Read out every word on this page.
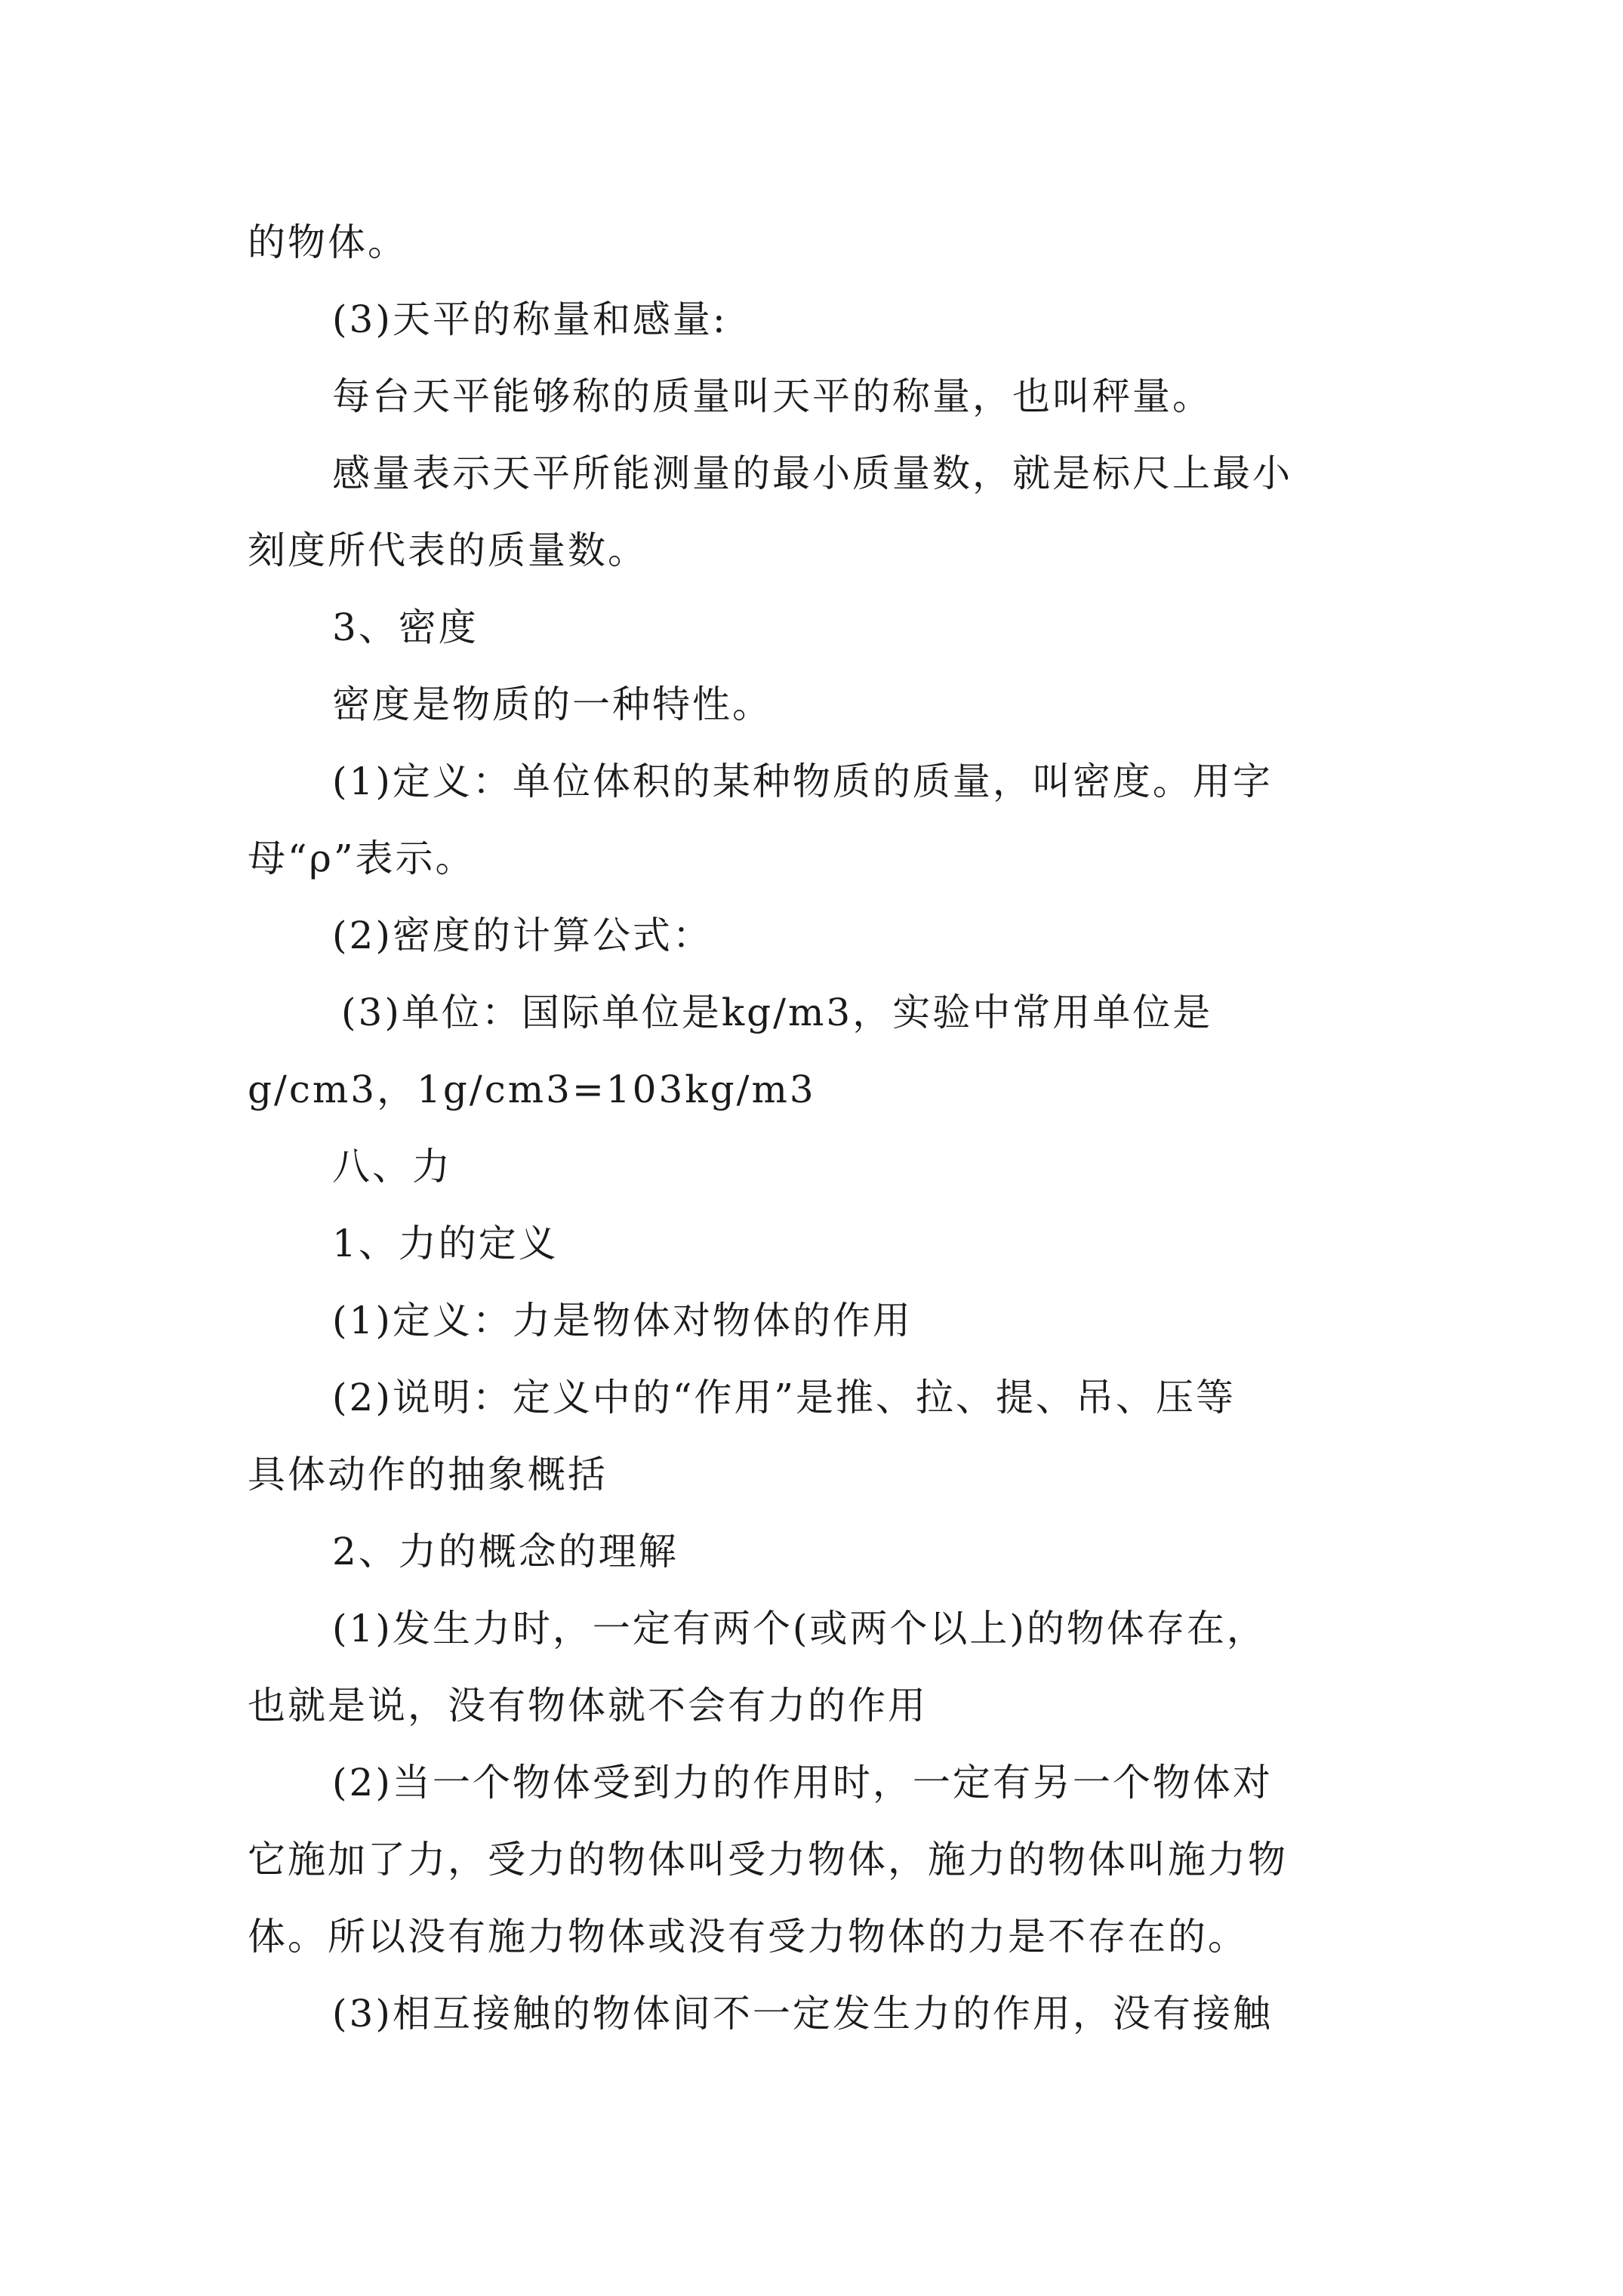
的物体。
(3)天平的称量和感量:
每台天平能够称的质量叫天平的称量，也叫秤量。
感量表示天平所能测量的最小质量数，就是标尺上最小
刻度所代表的质量数。
3、密度
密度是物质的一种特性。
(1)定义：单位体积的某种物质的质量，叫密度。用字
母“ρ”表示。
(2)密度的计算公式：
(3)单位：国际单位是kg/m3，实验中常用单位是
g/cm3，1g/cm3=103kg/m3
八、力
1、力的定义
(1)定义：力是物体对物体的作用
(2)说明：定义中的“作用”是推、拉、提、吊、压等
具体动作的抽象概括
2、力的概念的理解
(1)发生力时，一定有两个(或两个以上)的物体存在，
也就是说，没有物体就不会有力的作用
(2)当一个物体受到力的作用时，一定有另一个物体对
它施加了力，受力的物体叫受力物体，施力的物体叫施力物
体。所以没有施力物体或没有受力物体的力是不存在的。
(3)相互接触的物体间不一定发生力的作用，没有接触
